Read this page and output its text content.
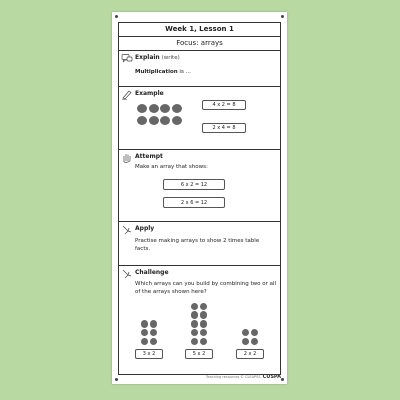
Week 1, Lesson 1
Focus: arrays
Explain (write)
Multiplication is ...
Example
4 x 2 = 8
2 x 4 = 8
Attempt
Make an array that shows:
6 x 2 = 12
2 x 6 = 12
Apply
Practise making arrays to show 2 times table facts.
Challenge
Which arrays can you build by combining two or all of the arrays shown here?
3 x 2	5 x 2	2 x 2
Teaching resources © CLEAPSS CUSPA
